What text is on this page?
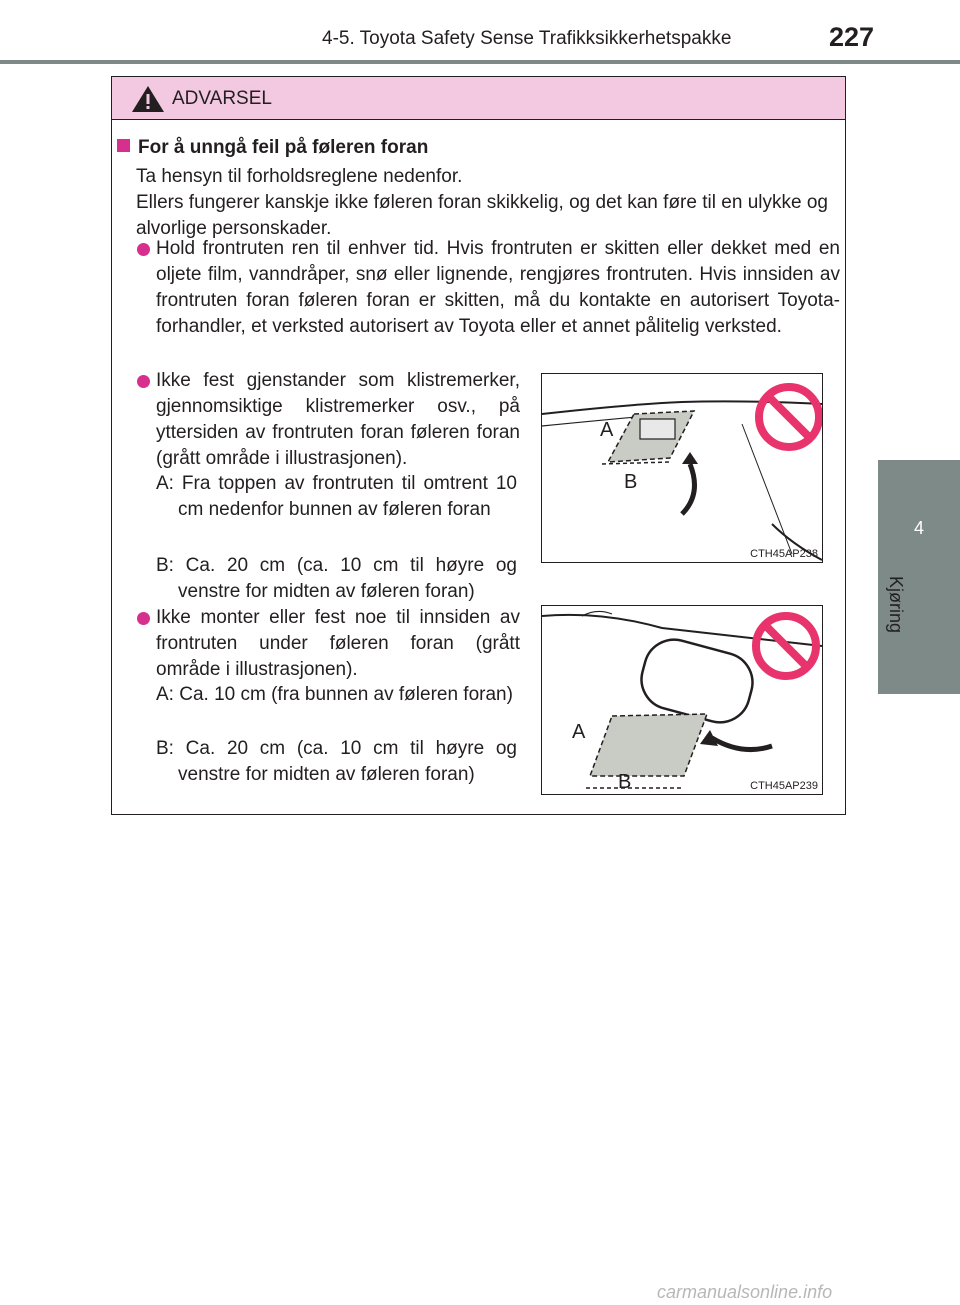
4-5. Toyota Safety Sense Trafikksikkerhetspakke	227
4
Kjøring
ADVARSEL
For å unngå feil på føleren foran
Ta hensyn til forholdsreglene nedenfor.
Ellers fungerer kanskje ikke føleren foran skikkelig, og det kan føre til en ulykke og alvorlige personskader.
Hold frontruten ren til enhver tid. Hvis frontruten er skitten eller dekket med en oljete film, vanndråper, snø eller lignende, rengjøres frontruten. Hvis innsiden av frontruten foran føleren foran er skitten, må du kontakte en autorisert Toyota-forhandler, et verksted autorisert av Toyota eller et annet pålitelig verksted.
Ikke fest gjenstander som klistremerker, gjennomsiktige klistremerker osv., på yttersiden av frontruten foran føleren foran (grått område i illustrasjonen).
A: Fra toppen av frontruten til omtrent 10 cm nedenfor bunnen av føleren foran
B: Ca. 20 cm (ca. 10 cm til høyre og venstre for midten av føleren foran)
A
B
CTH45AP238
Ikke monter eller fest noe til innsiden av frontruten under føleren foran (grått område i illustrasjonen).
A: Ca. 10 cm (fra bunnen av føleren foran)
B: Ca. 20 cm (ca. 10 cm til høyre og venstre for midten av føleren foran)
A
B	CTH45AP239
carmanualsonline.info
